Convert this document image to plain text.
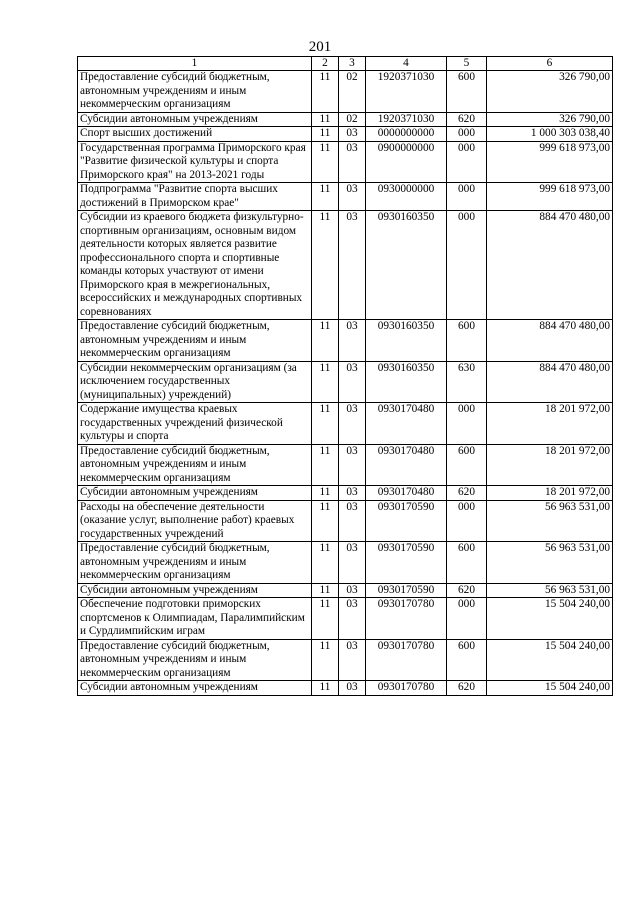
201
1	2	3	4	5	6
Предоставление субсидий бюджетным, автономным учреждениям и иным некоммерческим организациям	11	02	1920371030	600	326 790,00
Субсидии автономным учреждениям	11	02	1920371030	620	326 790,00
Спорт высших достижений	11	03	0000000000	000	1 000 303 038,40
Государственная программа Приморского края "Развитие физической культуры и спорта Приморского края" на 2013-2021 годы	11	03	0900000000	000	999 618 973,00
Подпрограмма "Развитие спорта высших достижений в Приморском крае"	11	03	0930000000	000	999 618 973,00
Субсидии из краевого бюджета физкультурно-спортивным организациям, основным видом деятельности которых является развитие профессионального спорта и спортивные команды которых участвуют от имени Приморского края в межрегиональных, всероссийских и международных спортивных соревнованиях	11	03	0930160350	000	884 470 480,00
Предоставление субсидий бюджетным, автономным учреждениям и иным некоммерческим организациям	11	03	0930160350	600	884 470 480,00
Субсидии некоммерческим организациям (за исключением государственных (муниципальных) учреждений)	11	03	0930160350	630	884 470 480,00
Содержание имущества краевых государственных учреждений физической культуры и спорта	11	03	0930170480	000	18 201 972,00
Предоставление субсидий бюджетным, автономным учреждениям и иным некоммерческим организациям	11	03	0930170480	600	18 201 972,00
Субсидии автономным учреждениям	11	03	0930170480	620	18 201 972,00
Расходы на обеспечение деятельности (оказание услуг, выполнение работ) краевых государственных учреждений	11	03	0930170590	000	56 963 531,00
Предоставление субсидий бюджетным, автономным учреждениям и иным некоммерческим организациям	11	03	0930170590	600	56 963 531,00
Субсидии автономным учреждениям	11	03	0930170590	620	56 963 531,00
Обеспечение подготовки приморских спортсменов к Олимпиадам, Паралимпийским и Сурдлимпийским играм	11	03	0930170780	000	15 504 240,00
Предоставление субсидий бюджетным, автономным учреждениям и иным некоммерческим организациям	11	03	0930170780	600	15 504 240,00
Субсидии автономным учреждениям	11	03	0930170780	620	15 504 240,00
